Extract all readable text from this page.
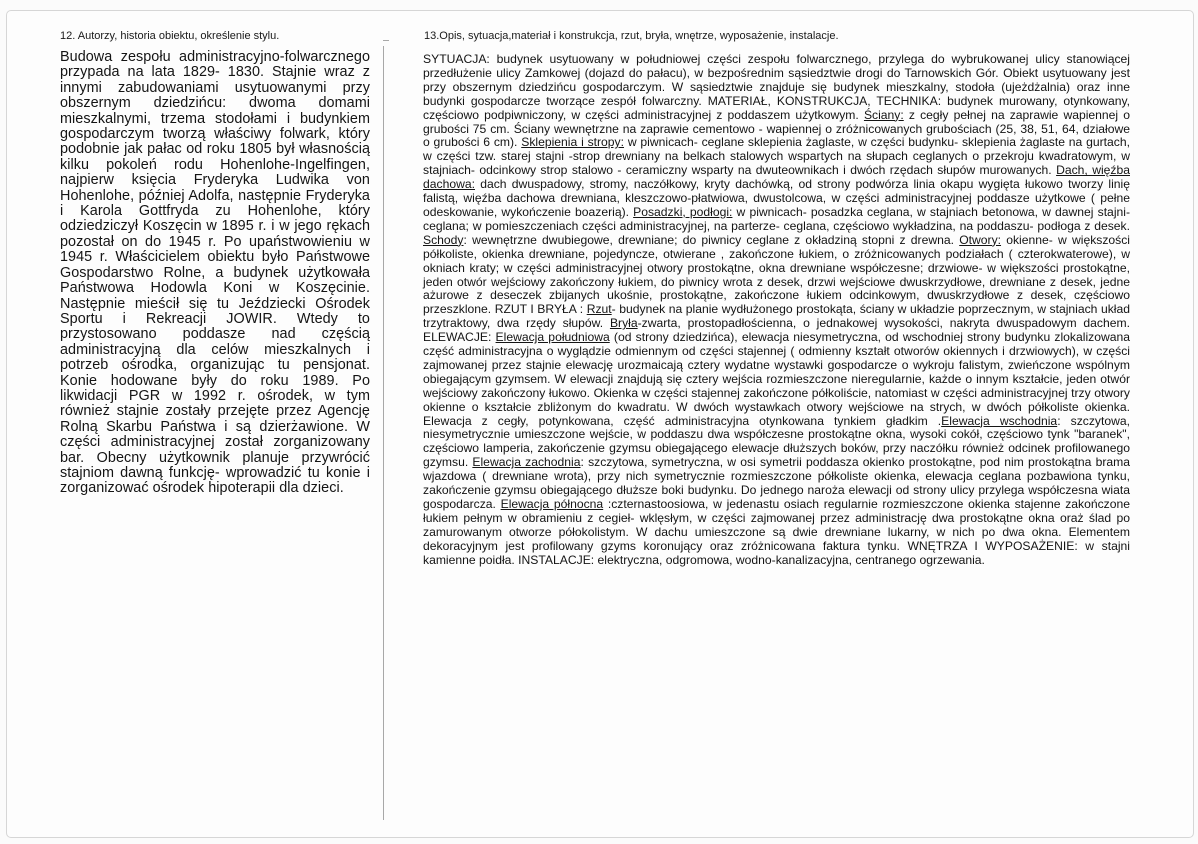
12. Autorzy, historia obiektu, określenie stylu.	13.Opis, sytuacja,materiał i konstrukcja, rzut, bryła, wnętrze, wyposażenie, instalacje.

Budowa zespołu administracyjno-folwarcznego przypada na lata 1829- 1830. Stajnie wraz z innymi zabudowaniami usytuowanymi przy obszernym dziedzińcu: dwoma domami mieszkalnymi, trzema stodołami i budynkiem gospodarczym tworzą właściwy folwark, który podobnie jak pałac od roku 1805 był własnością kilku pokoleń rodu Hohenlohe-Ingelfingen, najpierw księcia Fryderyka Ludwika von Hohenlohe, później Adolfa, następnie Fryderyka i Karola Gottfryda zu Hohenlohe, który odziedziczył Koszęcin w 1895 r. i w jego rękach pozostał on do 1945 r. Po upaństwowieniu w 1945 r. Właścicielem obiektu było Państwowe Gospodarstwo Rolne, a budynek użytkowała Państwowa Hodowla Koni w Koszęcinie. Następnie mieścił się tu Jeździecki Ośrodek Sportu i Rekreacji JOWIR. Wtedy to przystosowano poddasze nad częścią administracyjną dla celów mieszkalnych i potrzeb ośrodka, organizując tu pensjonat. Konie hodowane były do roku 1989. Po likwidacji PGR w 1992 r. ośrodek, w tym również stajnie zostały przejęte przez Agencję Rolną Skarbu Państwa i są dzierżawione. W części administracyjnej został zorganizowany bar. Obecny użytkownik planuje przywrócić stajniom dawną funkcję- wprowadzić tu konie i zorganizować ośrodek hipoterapii dla dzieci.

SYTUACJA: budynek usytuowany w południowej części zespołu folwarcznego, przylega do wybrukowanej ulicy stanowiącej przedłużenie ulicy Zamkowej (dojazd do pałacu), w bezpośrednim sąsiedztwie drogi do Tarnowskich Gór. Obiekt usytuowany jest przy obszernym dziedzińcu gospodarczym. W sąsiedztwie znajduje się budynek mieszkalny, stodoła (ujeżdżalnia) oraz inne budynki gospodarcze tworzące zespół folwarczny. MATERIAŁ, KONSTRUKCJA, TECHNIKA: budynek murowany, otynkowany, częściowo podpiwniczony, w części administracyjnej z poddaszem użytkowym. Ściany: z cegły pełnej na zaprawie wapiennej o grubości 75 cm. Ściany wewnętrzne na zaprawie cementowo - wapiennej o zróżnicowanych grubościach (25, 38, 51, 64, działowe o grubości 6 cm). Sklepienia i stropy: w piwnicach- ceglane sklepienia żaglaste, w części budynku- sklepienia żaglaste na gurtach, w części tzw. starej stajni -strop drewniany na belkach stalowych wspartych na słupach ceglanych o przekroju kwadratowym, w stajniach- odcinkowy strop stalowo - ceramiczny wsparty na dwuteownikach i dwóch rzędach słupów murowanych. Dach, więźba dachowa: dach dwuspadowy, stromy, naczółkowy, kryty dachówką, od strony podwórza linia okapu wygięta łukowo tworzy linię falistą, więźba dachowa drewniana, kleszczowo-płatwiowa, dwustolcowa, w części administracyjnej poddasze użytkowe ( pełne odeskowanie, wykończenie boazerią). Posadzki, podłogi: w piwnicach- posadzka ceglana, w stajniach betonowa, w dawnej stajni- ceglana; w pomieszczeniach części administracyjnej, na parterze- ceglana, częściowo wykładzina, na poddaszu- podłoga z desek. Schody: wewnętrzne dwubiegowe, drewniane; do piwnicy ceglane z okładziną stopni z drewna. Otwory: okienne- w większości półkoliste, okienka drewniane, pojedyncze, otwierane , zakończone łukiem, o zróżnicowanych podziałach ( czterokwaterowe), w okniach kraty; w części administracyjnej otwory prostokątne, okna drewniane współczesne; drzwiowe- w większości prostokątne, jeden otwór wejściowy zakończony łukiem, do piwnicy wrota z desek, drzwi wejściowe dwuskrzydłowe, drewniane z desek, jedne ażurowe z deseczek zbijanych ukośnie, prostokątne, zakończone łukiem odcinkowym, dwuskrzydłowe z desek, częściowo przeszklone. RZUT I BRYŁA : Rzut- budynek na planie wydłużonego prostokąta, ściany w układzie poprzecznym, w stajniach układ trzytraktowy, dwa rzędy słupów. Bryła-zwarta, prostopadłościenna, o jednakowej wysokości, nakryta dwuspadowym dachem. ELEWACJE: Elewacja południowa (od strony dziedzińca), elewacja niesymetryczna, od wschodniej strony budynku zlokalizowana część administracyjna o wyglądzie odmiennym od części stajennej ( odmienny kształt otworów okiennych i drzwiowych), w części zajmowanej przez stajnie elewację urozmaicają cztery wydatne wystawki gospodarcze o wykroju falistym, zwieńczone wspólnym obiegającym gzymsem. W elewacji znajdują się cztery wejścia rozmieszczone nieregularnie, każde o innym kształcie, jeden otwór wejściowy zakończony łukowo. Okienka w części stajennej zakończone półkoliście, natomiast w części administracyjnej trzy otwory okienne o kształcie zbliżonym do kwadratu. W dwóch wystawkach otwory wejściowe na strych, w dwóch półkoliste okienka. Elewacja z cegły, potynkowana, część administracyjna otynkowana tynkiem gładkim .Elewacja wschodnia: szczytowa, niesymetrycznie umieszczone wejście, w poddaszu dwa współczesne prostokątne okna, wysoki cokół, częściowo tynk "baranek", częściowo lamperia, zakończenie gzymsu obiegającego elewacje dłuższych boków, przy naczółku również odcinek profilowanego gzymsu. Elewacja zachodnia: szczytowa, symetryczna, w osi symetrii poddasza okienko prostokątne, pod nim prostokątna brama wjazdowa ( drewniane wrota), przy nich symetrycznie rozmieszczone półkoliste okienka, elewacja ceglana pozbawiona tynku, zakończenie gzymsu obiegającego dłuższe boki budynku. Do jednego naroża elewacji od strony ulicy przylega współczesna wiata gospodarcza. Elewacja północna :czternastoosiowa, w jedenastu osiach regularnie rozmieszczone okienka stajenne zakończone łukiem pełnym w obramieniu z cegieł- wklęsłym, w części zajmowanej przez administrację dwa prostokątne okna oraż ślad po zamurowanym otworze półokolistym. W dachu umieszczone są dwie drewniane lukarny, w nich po dwa okna. Elementem dekoracyjnym jest profilowany gzyms koronujący oraz zróżnicowana faktura tynku. WNĘTRZA I WYPOSAŻENIE: w stajni kamienne poidła. INSTALACJE: elektryczna, odgromowa, wodno-kanalizacyjna, centranego ogrzewania.
